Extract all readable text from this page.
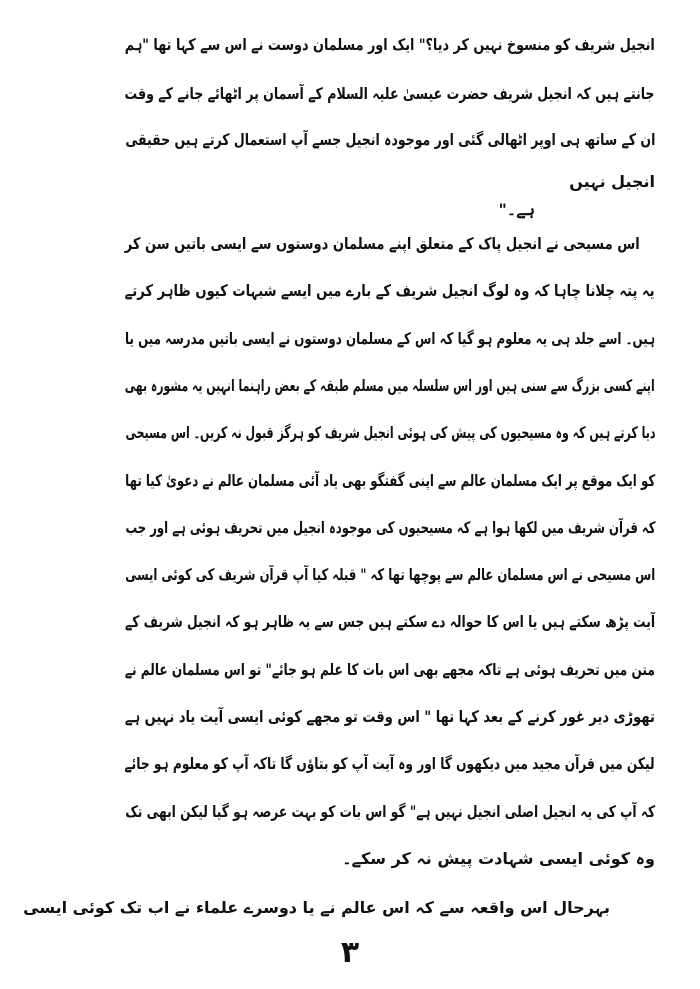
انجیل شریف کو منسوخ نہیں کر دیا؟" ایک اور مسلمان دوست نے اس سے کہا تھا "ہم
جانتے ہیں کہ انجیل شریف حضرت عیسیٰ علیہ السلام کے آسمان پر اٹھائے جانے کے وقت
ان کے ساتھ ہی اوپر اٹھالی گئی اور موجودہ انجیل جسے آپ استعمال کرتے ہیں حقیقی
انجیل نہیں
ہے۔"
اس مسیحی نے انجیل پاک کے متعلق اپنے مسلمان دوستوں سے ایسی باتیں سن کر
یہ پتہ چلانا چاہا کہ وہ لوگ انجیل شریف کے بارے میں ایسے شبہات کیوں ظاہر کرتے
ہیں۔ اسے جلد ہی یہ معلوم ہو گیا کہ اس کے مسلمان دوستوں نے ایسی باتیں مدرسہ میں یا
اپنے کسی بزرگ سے سنی ہیں اور اس سلسلہ میں مسلم طبقہ کے بعض راہنما انہیں یہ مشورہ بھی
دیا کرتے ہیں کہ وہ مسیحیوں کی پیش کی ہوئی انجیل شریف کو ہرگز قبول نہ کریں۔ اس مسیحی
کو ایک موقع پر ایک مسلمان عالم سے اپنی گفتگو بھی یاد آئی مسلمان عالم نے دعویٰ کیا تھا
کہ قرآن شریف میں لکھا ہوا ہے کہ مسیحیوں کی موجودہ انجیل میں تحریف ہوئی ہے اور جب
اس مسیحی نے اس مسلمان عالم سے پوچھا تھا کہ " قبلہ کیا آپ قرآن شریف کی کوئی ایسی
آیت پڑھ سکتے ہیں یا اس کا حوالہ دے سکتے ہیں جس سے یہ ظاہر ہو کہ انجیل شریف کے
متن میں تحریف ہوئی ہے تاکہ مجھے بھی اس بات کا علم ہو جائے" تو اس مسلمان عالم نے
تھوڑی دیر غور کرنے کے بعد کہا تھا " اس وقت تو مجھے کوئی ایسی آیت یاد نہیں ہے
لیکن میں قرآن مجید میں دیکھوں گا اور وہ آیت آپ کو بتاؤں گا تاکہ آپ کو معلوم ہو جائے
کہ آپ کی یہ انجیل اصلی انجیل نہیں ہے" گو اس بات کو بہت عرصہ ہو گیا لیکن ابھی تک
وہ کوئی ایسی شہادت پیش نہ کر سکے۔
بہرحال اس واقعہ سے کہ اس عالم نے یا دوسرے علماء نے اب تک کوئی ایسی
۳
